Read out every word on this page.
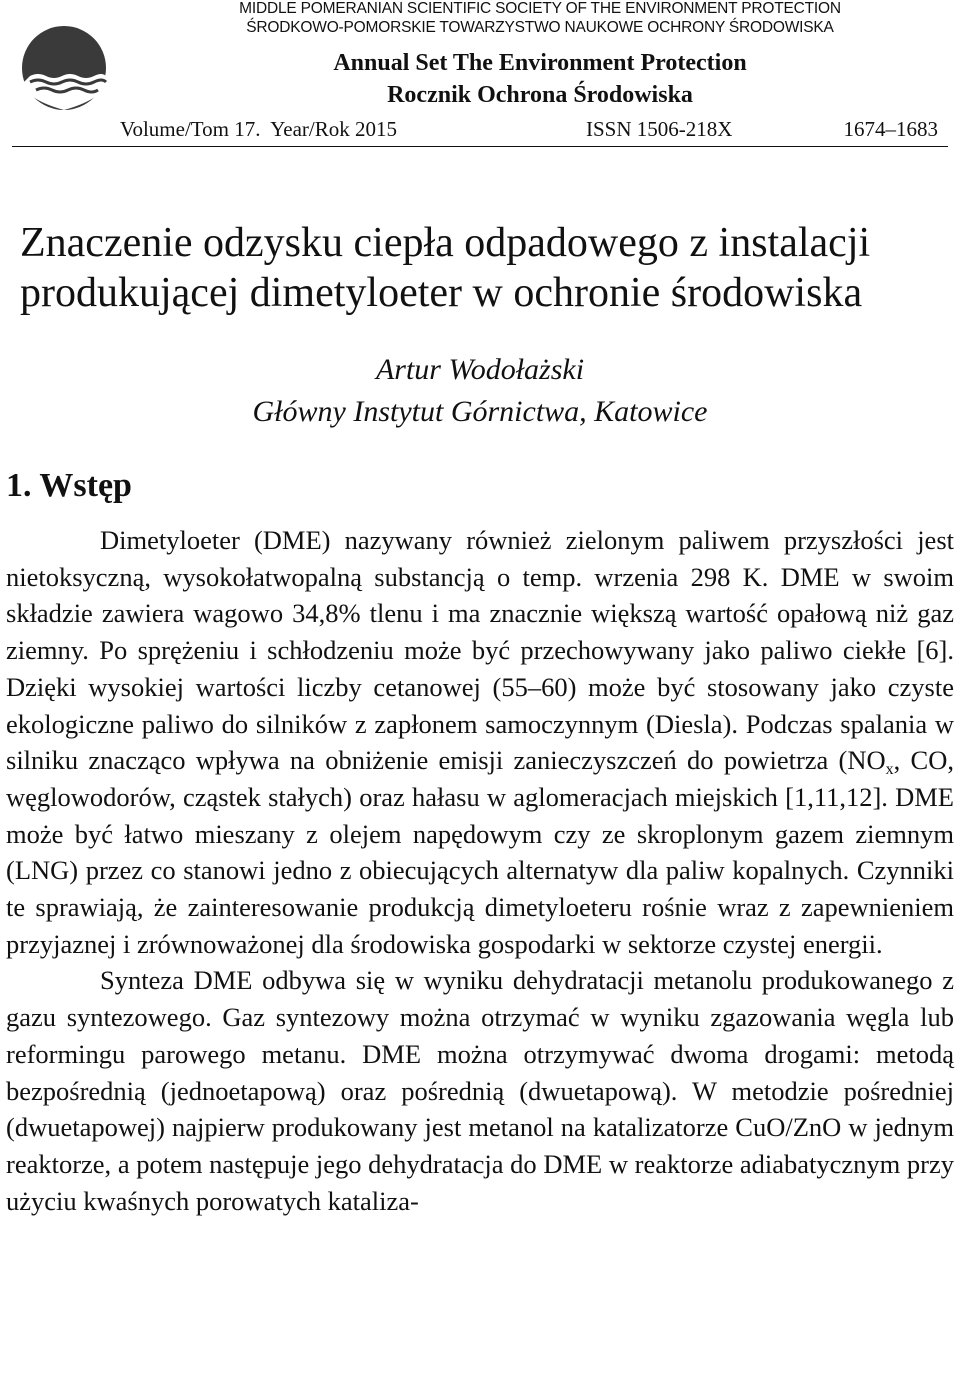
MIDDLE POMERANIAN SCIENTIFIC SOCIETY OF THE ENVIRONMENT PROTECTION
ŚRODKOWO-POMORSKIE TOWARZYSTWO NAUKOWE OCHRONY ŚRODOWISKA
Annual Set The Environment Protection
Rocznik Ochrona Środowiska
Volume/Tom 17. Year/Rok 2015	ISSN 1506-218X	1674–1683
Znaczenie odzysku ciepła odpadowego z instalacji produkującej dimetyloeter w ochronie środowiska
Artur Wodołażski
Główny Instytut Górnictwa, Katowice
1. Wstęp

Dimetyloeter (DME) nazywany również zielonym paliwem przyszłości jest nietoksyczną, wysokołatwopalną substancją o temp. wrzenia 298 K. DME w swoim składzie zawiera wagowo 34,8% tlenu i ma znacznie większą wartość opałową niż gaz ziemny. Po sprężeniu i schłodzeniu może być przechowywany jako paliwo ciekłe [6]. Dzięki wysokiej wartości liczby cetanowej (55–60) może być stosowany jako czyste ekologiczne paliwo do silników z zapłonem samoczynnym (Diesla). Podczas spalania w silniku znacząco wpływa na obniżenie emisji zanieczyszczeń do powietrza ($NO_x$, CO, węglowodorów, cząstek stałych) oraz hałasu w aglomeracjach miejskich [1,11,12]. DME może być łatwo mieszany z olejem napędowym czy ze skroplonym gazem ziemnym (LNG) przez co stanowi jedno z obiecujących alternatyw dla paliw kopalnych. Czynniki te sprawiają, że zainteresowanie produkcją dimetyloeteru rośnie wraz z zapewnieniem przyjaznej i zrównoważonej dla środowiska gospodarki w sektorze czystej energii.

Synteza DME odbywa się w wyniku dehydratacji metanolu produkowanego z gazu syntezowego. Gaz syntezowy można otrzymać w wyniku zgazowania węgla lub reformingu parowego metanu. DME można otrzymywać dwoma drogami: metodą bezpośrednią (jednoetapową) oraz pośrednią (dwuetapową). W metodzie pośredniej (dwuetapowej) najpierw produkowany jest metanol na katalizatorze CuO/ZnO w jednym reaktorze, a potem następuje jego dehydratacja do DME w reaktorze adiabatycznym przy użyciu kwaśnych porowatych kataliza-
